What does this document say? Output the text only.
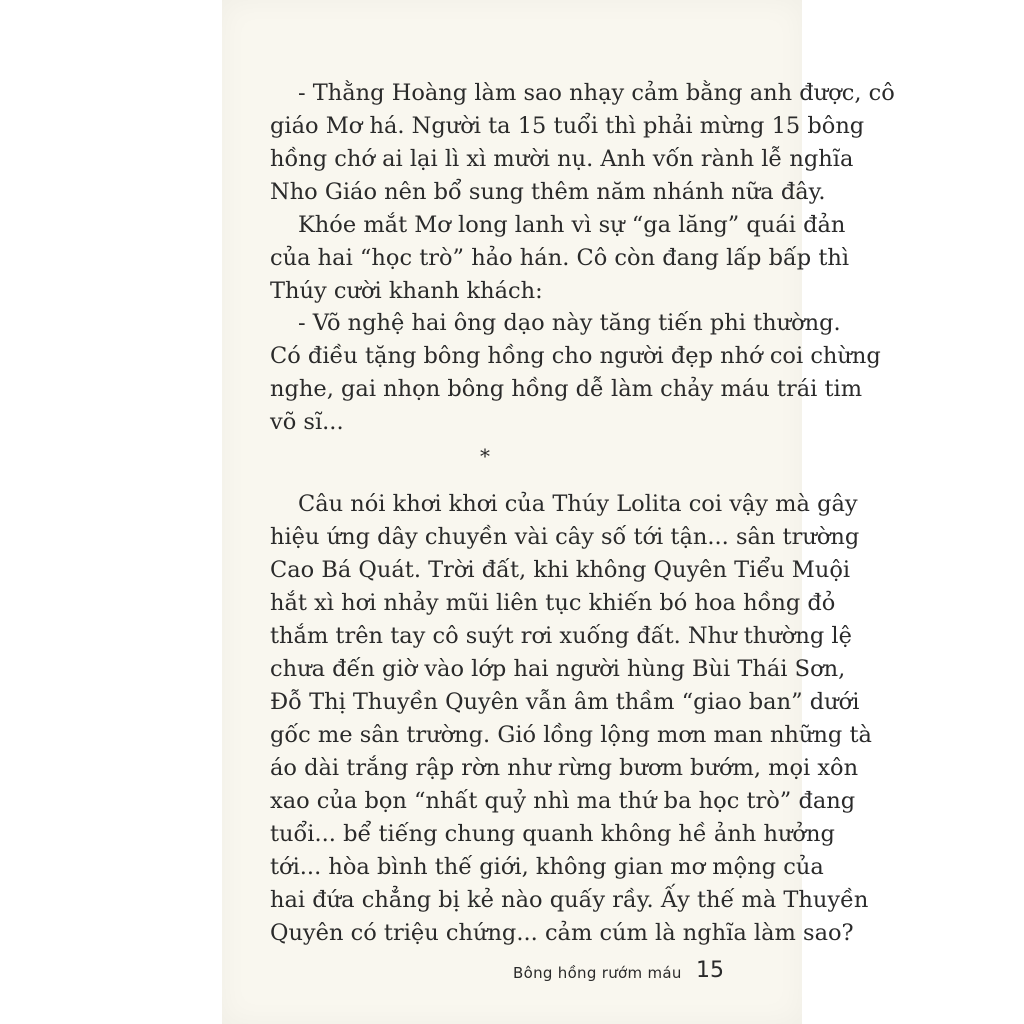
- Thằng Hoàng làm sao nhạy cảm bằng anh được, cô
giáo Mơ há. Người ta 15 tuổi thì phải mừng 15 bông
hồng chớ ai lại lì xì mười nụ. Anh vốn rành lễ nghĩa
Nho Giáo nên bổ sung thêm năm nhánh nữa đây.
Khóe mắt Mơ long lanh vì sự “ga lăng” quái đản
của hai “học trò” hảo hán. Cô còn đang lấp bấp thì
Thúy cười khanh khách:
- Võ nghệ hai ông dạo này tăng tiến phi thường.
Có điều tặng bông hồng cho người đẹp nhớ coi chừng
nghe, gai nhọn bông hồng dễ làm chảy máu trái tim
võ sĩ...
*
Câu nói khơi khơi của Thúy Lolita coi vậy mà gây
hiệu ứng dây chuyền vài cây số tới tận... sân trường
Cao Bá Quát. Trời đất, khi không Quyên Tiểu Muội
hắt xì hơi nhảy mũi liên tục khiến bó hoa hồng đỏ
thắm trên tay cô suýt rơi xuống đất. Như thường lệ
chưa đến giờ vào lớp hai người hùng Bùi Thái Sơn,
Đỗ Thị Thuyền Quyên vẫn âm thầm “giao ban” dưới
gốc me sân trường. Gió lồng lộng mơn man những tà
áo dài trắng rập rờn như rừng bươm bướm, mọi xôn
xao của bọn “nhất quỷ nhì ma thứ ba học trò” đang
tuổi... bể tiếng chung quanh không hề ảnh hưởng
tới... hòa bình thế giới, không gian mơ mộng của
hai đứa chẳng bị kẻ nào quấy rầy. Ấy thế mà Thuyền
Quyên có triệu chứng... cảm cúm là nghĩa làm sao?
Bông hồng rướm máu 15
